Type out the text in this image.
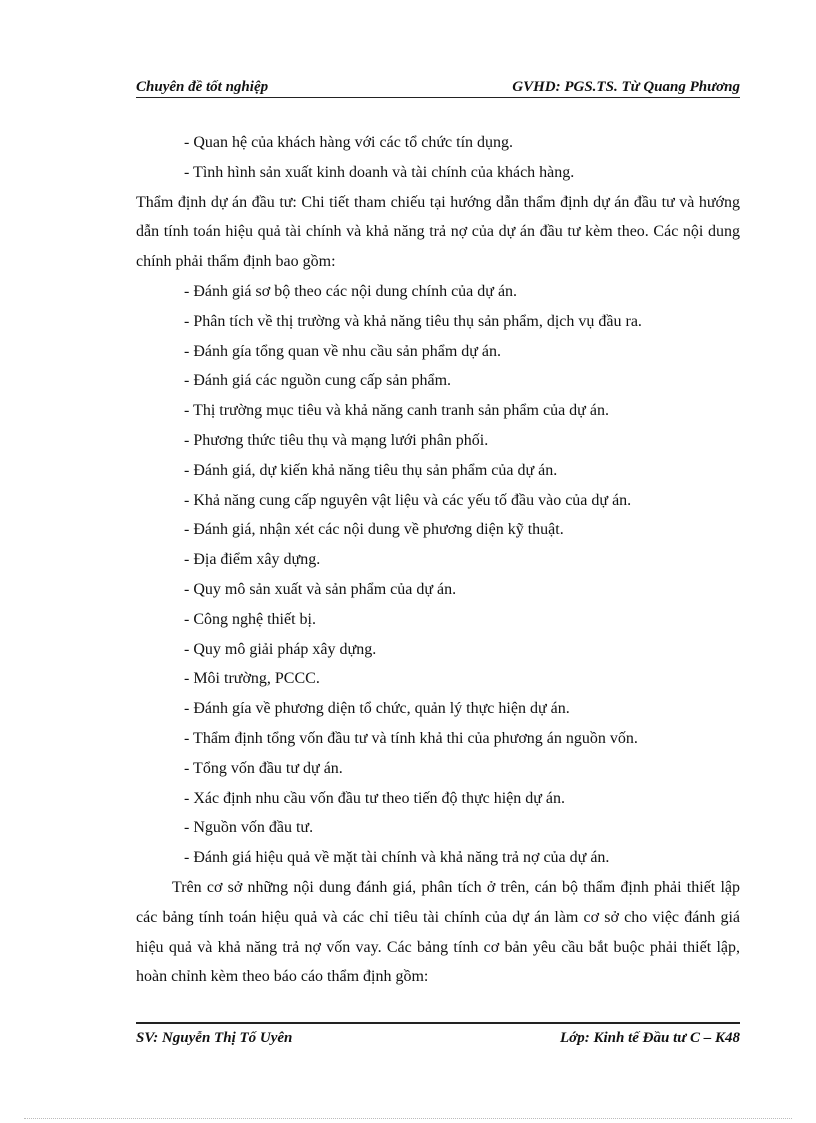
Chuyên đề tốt nghiệp	GVHD: PGS.TS. Từ Quang Phương
- Quan hệ của khách hàng với các tổ chức tín dụng.
- Tình hình sản xuất kinh doanh và tài chính của khách hàng.

Thẩm định dự án đầu tư: Chi tiết tham chiếu tại hướng dẫn thẩm định dự án đầu tư và hướng dẫn tính toán hiệu quả tài chính và khả năng trả nợ của dự án đầu tư kèm theo. Các nội dung chính phải thẩm định bao gồm:

- Đánh giá sơ bộ theo các nội dung chính của dự án.
- Phân tích về thị trường và khả năng tiêu thụ sản phẩm, dịch vụ đầu ra.
- Đánh gía tổng quan về nhu cầu sản phẩm dự án.
- Đánh giá các nguồn cung cấp sản phẩm.
- Thị trường mục tiêu và khả năng canh tranh sản phẩm của dự án.
- Phương thức tiêu thụ và mạng lưới phân phối.
- Đánh giá, dự kiến khả năng tiêu thụ sản phẩm của dự án.
- Khả năng cung cấp nguyên vật liệu và các yếu tố đầu vào của dự án.
- Đánh giá, nhận xét các nội dung về phương diện kỹ thuật.
- Địa điểm xây dựng.
- Quy mô sản xuất và sản phẩm của dự án.
- Công nghệ thiết bị.
- Quy mô giải pháp xây dựng.
- Môi trường, PCCC.
- Đánh gía về phương diện tổ chức, quản lý thực hiện dự án.
- Thẩm định tổng vốn đầu tư và tính khả thi của phương án nguồn vốn.
- Tổng vốn đầu tư dự án.
- Xác định nhu cầu vốn đầu tư theo tiến độ thực hiện dự án.
- Nguồn vốn đầu tư.
- Đánh giá hiệu quả về mặt tài chính và khả năng trả nợ của dự án.

Trên cơ sở những nội dung đánh giá, phân tích ở trên, cán bộ thẩm định phải thiết lập các bảng tính toán hiệu quả và các chỉ tiêu tài chính của dự án làm cơ sở cho việc đánh giá hiệu quả và khả năng trả nợ vốn vay. Các bảng tính cơ bản yêu cầu bắt buộc phải thiết lập, hoàn chỉnh kèm theo báo cáo thẩm định gồm:

SV: Nguyễn Thị Tố Uyên	Lớp: Kinh tế Đầu tư C – K48
